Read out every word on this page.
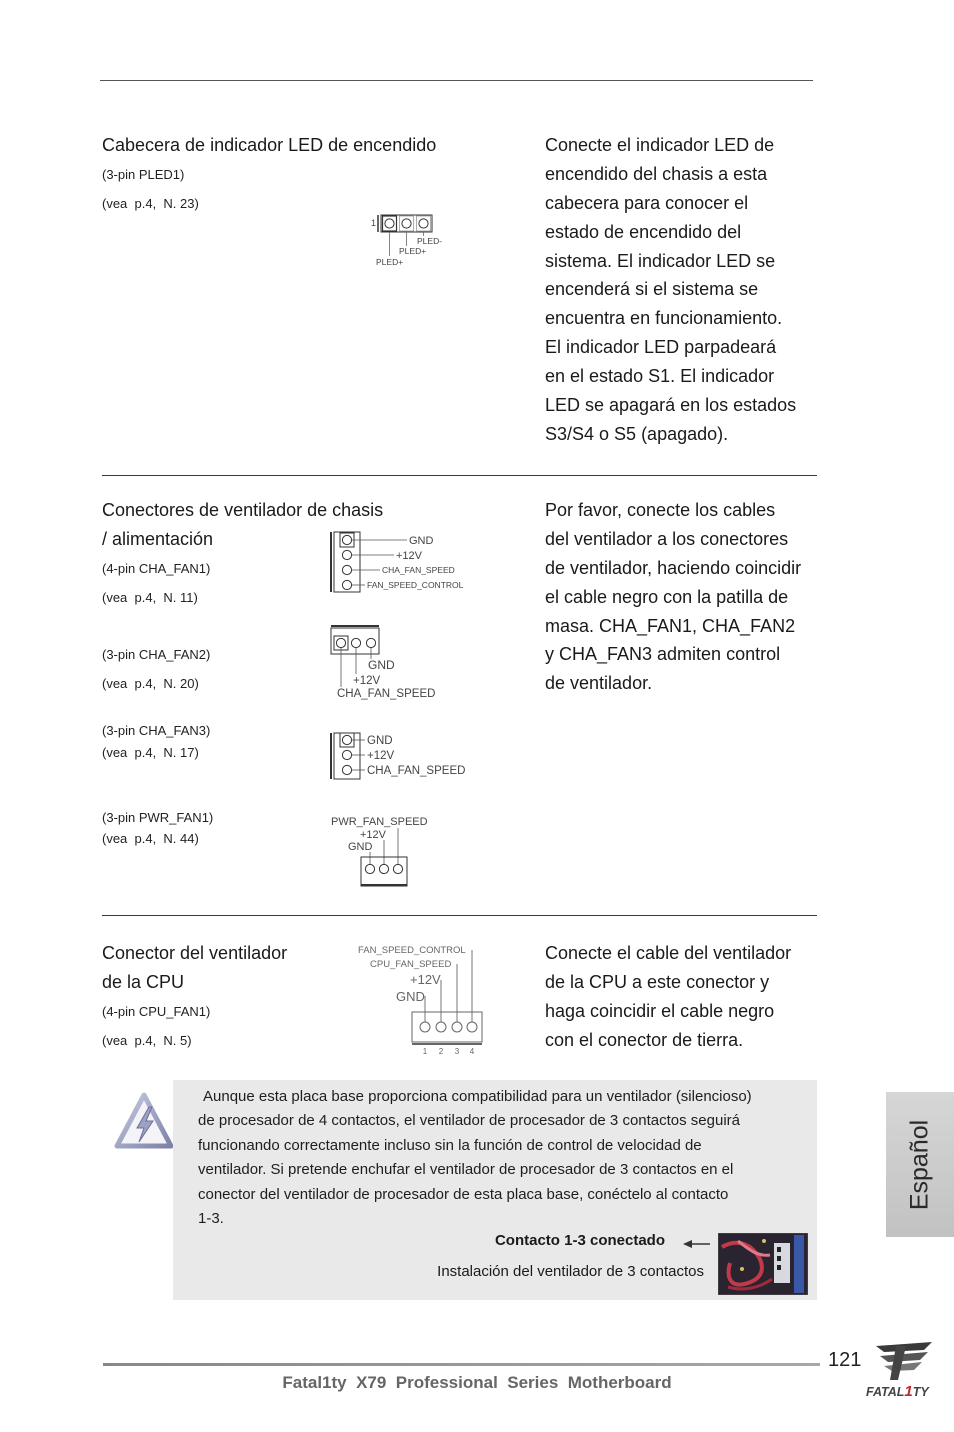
Cabecera de indicador LED de encendido
(3-pin PLED1)
(vea  p.4,  N. 23)
1
PLED-
PLED+
PLED+
Conecte el indicador LED de
encendido del chasis a esta
cabecera para conocer el
estado de encendido del
sistema. El indicador LED se
encenderá si el sistema se
encuentra en funcionamiento.
El indicador LED parpadeará
en el estado S1. El indicador
LED se apagará en los estados
S3/S4 o S5 (apagado).
Conectores de ventilador de chasis
/ alimentación
(4-pin CHA_FAN1)
(vea  p.4,  N. 11)
(3-pin CHA_FAN2)
(vea  p.4,  N. 20)
(3-pin CHA_FAN3)
(vea  p.4,  N. 17)
(3-pin PWR_FAN1)
(vea  p.4,  N. 44)
GND
+12V
CHA_FAN_SPEED
FAN_SPEED_CONTROL
GND
+12V
CHA_FAN_SPEED
GND
+12V
CHA_FAN_SPEED
PWR_FAN_SPEED
+12V
GND
Por favor, conecte los cables
del ventilador a los conectores
de ventilador, haciendo coincidir
el cable negro con la patilla de
masa. CHA_FAN1, CHA_FAN2
y CHA_FAN3 admiten control
de ventilador.
Conector del ventilador
de la CPU
(4-pin CPU_FAN1)
(vea  p.4,  N. 5)
FAN_SPEED_CONTROL
CPU_FAN_SPEED
+12V
GND
1 2 3 4
Conecte el cable del ventilador
de la CPU a este conector y
haga coincidir el cable negro
con el conector de tierra.
Aunque esta placa base proporciona compatibilidad para un ventilador (silencioso)
de procesador de 4 contactos, el ventilador de procesador de 3 contactos seguirá
funcionando correctamente incluso sin la función de control de velocidad de
ventilador. Si pretende enchufar el ventilador de procesador de 3 contactos en el
conector del ventilador de procesador de esta placa base, conéctelo al contacto
1-3.
Contacto 1-3 conectado
Instalación del ventilador de 3 contactos
Español
121
Fatal1ty  X79  Professional  Series  Motherboard	FATAL1TY
